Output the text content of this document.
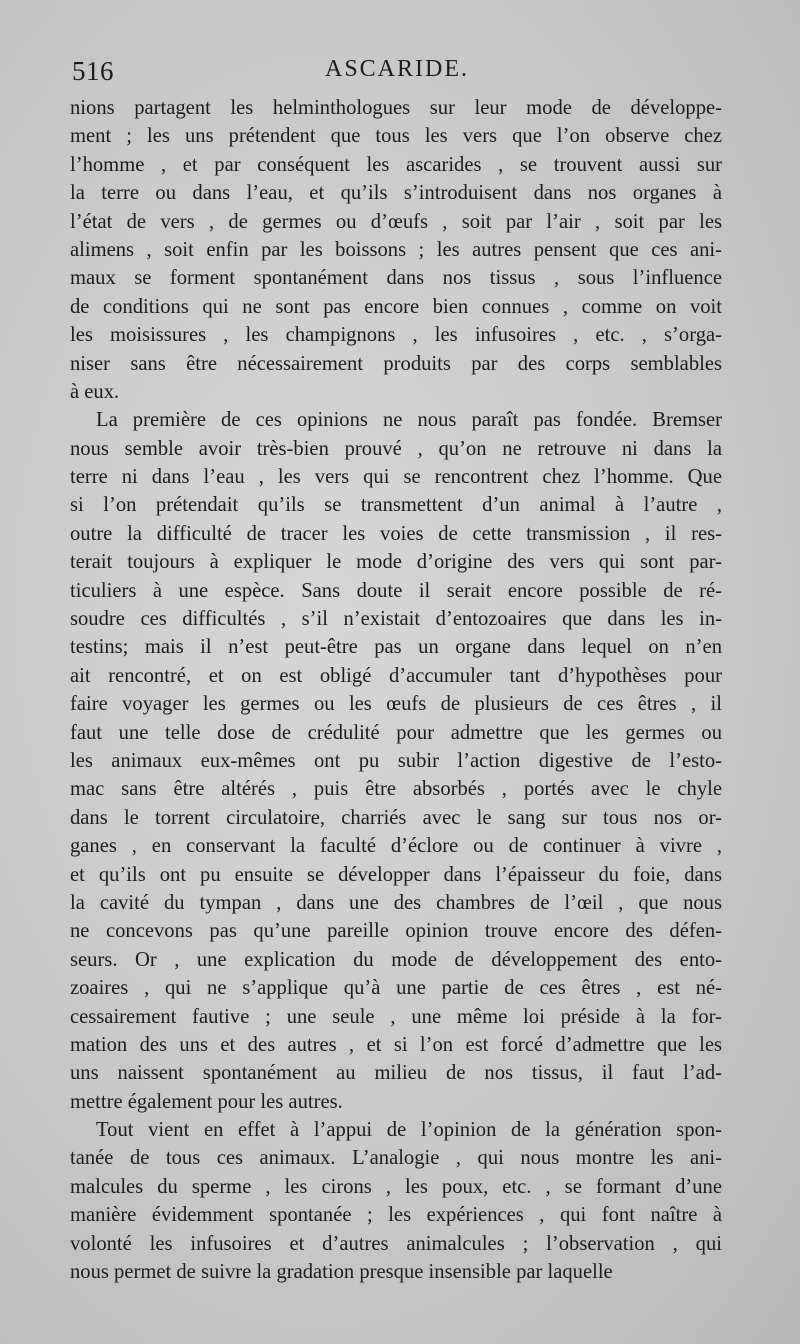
516	ASCARIDE.
nions partagent les helminthologues sur leur mode de développe-
ment ; les uns prétendent que tous les vers que l’on observe chez
l’homme , et par conséquent les ascarides , se trouvent aussi sur
la terre ou dans l’eau, et qu’ils s’introduisent dans nos organes à
l’état de vers , de germes ou d’œufs , soit par l’air , soit par les
alimens , soit enfin par les boissons ; les autres pensent que ces ani-
maux se forment spontanément dans nos tissus , sous l’influence
de conditions qui ne sont pas encore bien connues , comme on voit
les moisissures , les champignons , les infusoires , etc. , s’orga-
niser sans être nécessairement produits par des corps semblables
à eux.
La première de ces opinions ne nous paraît pas fondée. Bremser
nous semble avoir très-bien prouvé , qu’on ne retrouve ni dans la
terre ni dans l’eau , les vers qui se rencontrent chez l’homme. Que
si l’on prétendait qu’ils se transmettent d’un animal à l’autre ,
outre la difficulté de tracer les voies de cette transmission , il res-
terait toujours à expliquer le mode d’origine des vers qui sont par-
ticuliers à une espèce. Sans doute il serait encore possible de ré-
soudre ces difficultés , s’il n’existait d’entozoaires que dans les in-
testins; mais il n’est peut-être pas un organe dans lequel on n’en
ait rencontré, et on est obligé d’accumuler tant d’hypothèses pour
faire voyager les germes ou les œufs de plusieurs de ces êtres , il
faut une telle dose de crédulité pour admettre que les germes ou
les animaux eux-mêmes ont pu subir l’action digestive de l’esto-
mac sans être altérés , puis être absorbés , portés avec le chyle
dans le torrent circulatoire, charriés avec le sang sur tous nos or-
ganes , en conservant la faculté d’éclore ou de continuer à vivre ,
et qu’ils ont pu ensuite se développer dans l’épaisseur du foie, dans
la cavité du tympan , dans une des chambres de l’œil , que nous
ne concevons pas qu’une pareille opinion trouve encore des défen-
seurs. Or , une explication du mode de développement des ento-
zoaires , qui ne s’applique qu’à une partie de ces êtres , est né-
cessairement fautive ; une seule , une même loi préside à la for-
mation des uns et des autres , et si l’on est forcé d’admettre que les
uns naissent spontanément au milieu de nos tissus, il faut l’ad-
mettre également pour les autres.
Tout vient en effet à l’appui de l’opinion de la génération spon-
tanée de tous ces animaux. L’analogie , qui nous montre les ani-
malcules du sperme , les cirons , les poux, etc. , se formant d’une
manière évidemment spontanée ; les expériences , qui font naître à
volonté les infusoires et d’autres animalcules ; l’observation , qui
nous permet de suivre la gradation presque insensible par laquelle
